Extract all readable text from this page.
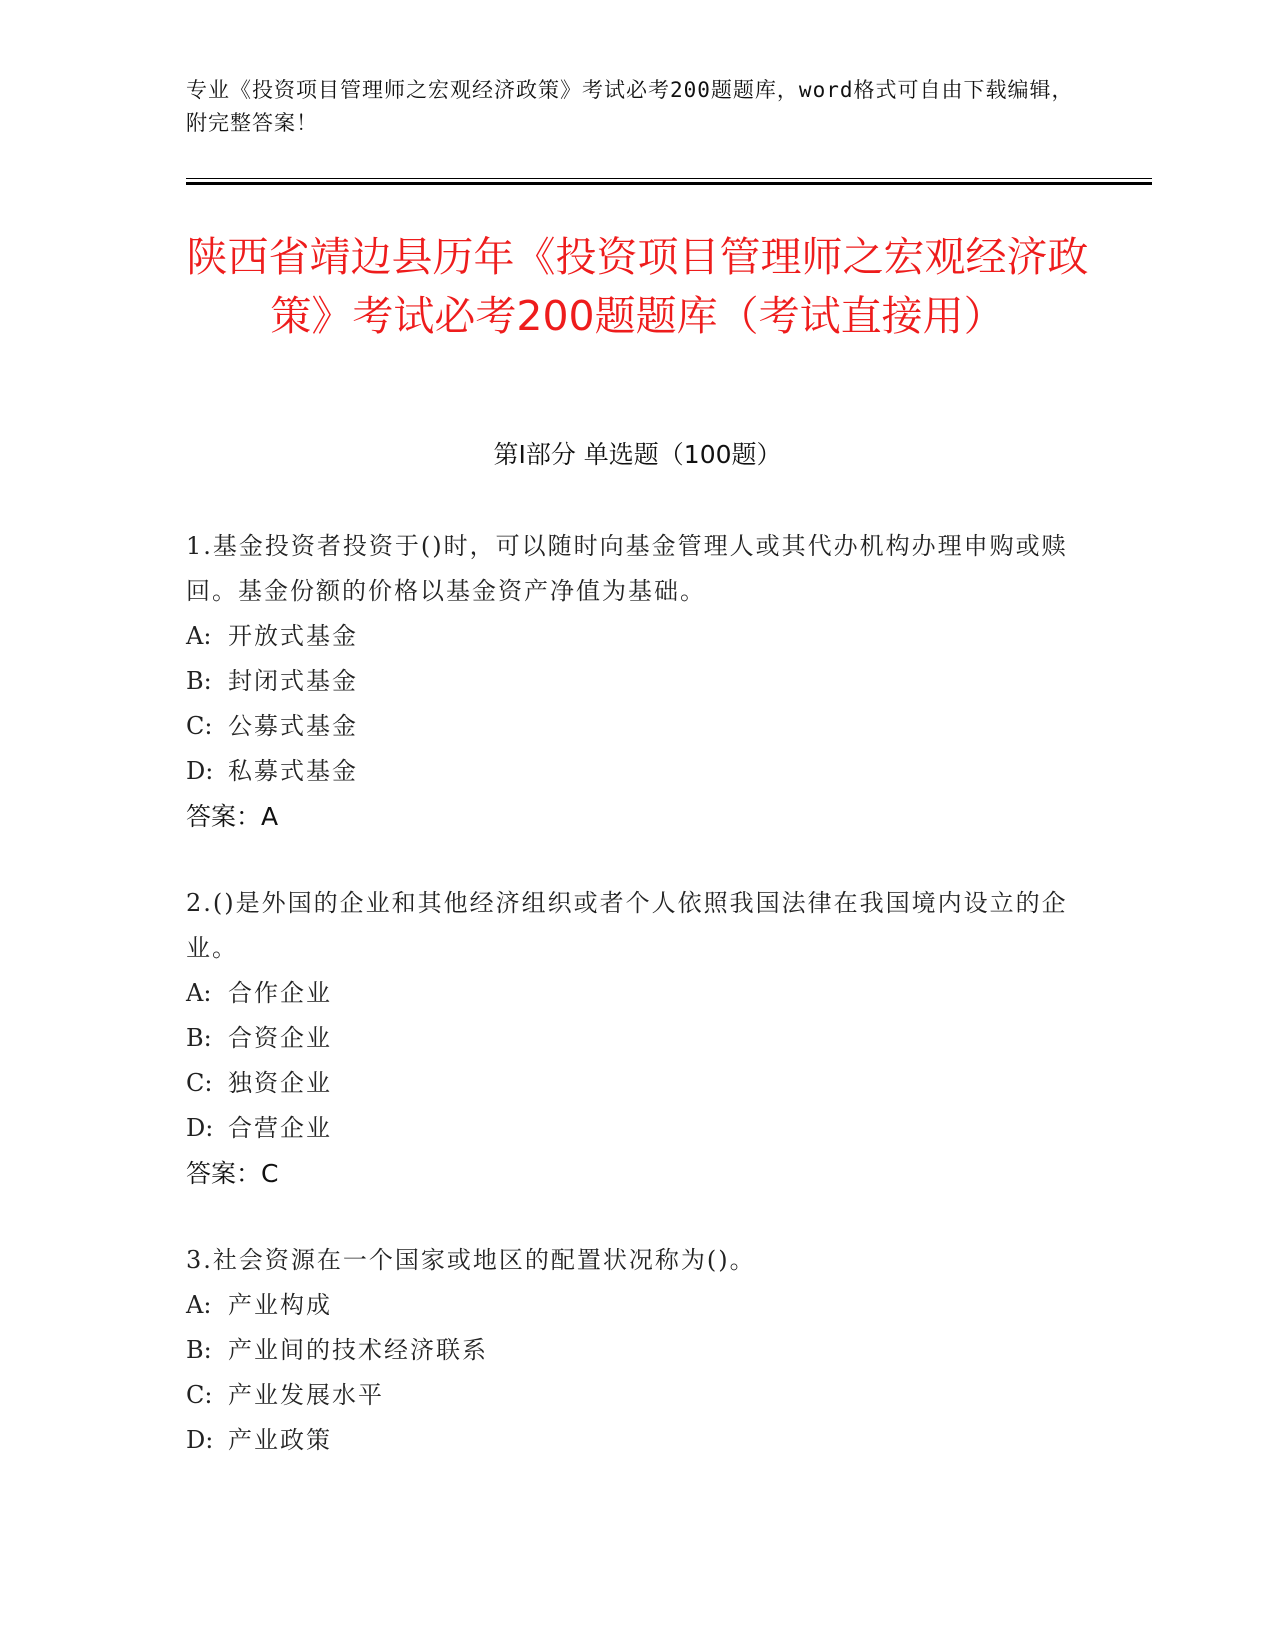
专业《投资项目管理师之宏观经济政策》考试必考200题题库，word格式可自由下载编辑，附完整答案！
陕西省靖边县历年《投资项目管理师之宏观经济政策》考试必考200题题库（考试直接用）
第I部分 单选题（100题）
1.基金投资者投资于()时，可以随时向基金管理人或其代办机构办理申购或赎回。基金份额的价格以基金资产净值为基础。
A: 开放式基金
B: 封闭式基金
C: 公募式基金
D: 私募式基金
答案：A
2.()是外国的企业和其他经济组织或者个人依照我国法律在我国境内设立的企业。
A: 合作企业
B: 合资企业
C: 独资企业
D: 合营企业
答案：C
3.社会资源在一个国家或地区的配置状况称为()。
A: 产业构成
B: 产业间的技术经济联系
C: 产业发展水平
D: 产业政策
